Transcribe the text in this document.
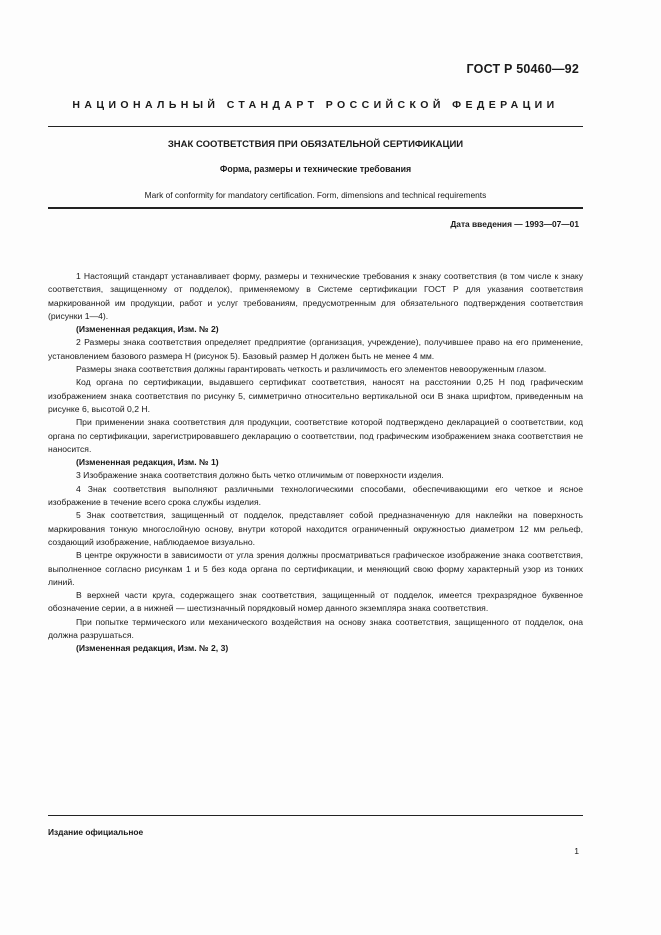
ГОСТ Р 50460—92
НАЦИОНАЛЬНЫЙ СТАНДАРТ РОССИЙСКОЙ ФЕДЕРАЦИИ
ЗНАК СООТВЕТСТВИЯ ПРИ ОБЯЗАТЕЛЬНОЙ СЕРТИФИКАЦИИ
Форма, размеры и технические требования
Mark of conformity for mandatory certification. Form, dimensions and technical requirements
Дата введения — 1993—07—01

1 Настоящий стандарт устанавливает форму, размеры и технические требования к знаку соответствия (в том числе к знаку соответствия, защищенному от подделок), применяемому в Системе сертификации ГОСТ Р для указания соответствия маркированной им продукции, работ и услуг требованиям, предусмотренным для обязательного подтверждения соответствия (рисунки 1—4).

(Измененная редакция, Изм. № 2)

2 Размеры знака соответствия определяет предприятие (организация, учреждение), получившее право на его применение, установлением базового размера Н (рисунок 5). Базовый размер Н должен быть не менее 4 мм.

Размеры знака соответствия должны гарантировать четкость и различимость его элементов невооруженным глазом.

Код органа по сертификации, выдавшего сертификат соответствия, наносят на расстоянии 0,25 Н под графическим изображением знака соответствия по рисунку 5, симметрично относительно вертикальной оси В знака шрифтом, приведенным на рисунке 6, высотой 0,2 Н.

При применении знака соответствия для продукции, соответствие которой подтверждено декларацией о соответствии, код органа по сертификации, зарегистрировавшего декларацию о соответствии, под графическим изображением знака соответствия не наносится.

(Измененная редакция, Изм. № 1)

3 Изображение знака соответствия должно быть четко отличимым от поверхности изделия.

4 Знак соответствия выполняют различными технологическими способами, обеспечивающими его четкое и ясное изображение в течение всего срока службы изделия.

5 Знак соответствия, защищенный от подделок, представляет собой предназначенную для наклейки на поверхность маркирования тонкую многослойную основу, внутри которой находится ограниченный окружностью диаметром 12 мм рельеф, создающий изображение, наблюдаемое визуально.

В центре окружности в зависимости от угла зрения должны просматриваться графическое изображение знака соответствия, выполненное согласно рисункам 1 и 5 без кода органа по сертификации, и меняющий свою форму характерный узор из тонких линий.

В верхней части круга, содержащего знак соответствия, защищенный от подделок, имеется трехразрядное буквенное обозначение серии, а в нижней — шестизначный порядковый номер данного экземпляра знака соответствия.

При попытке термического или механического воздействия на основу знака соответствия, защищенного от подделок, она должна разрушаться.

(Измененная редакция, Изм. № 2, 3)

Издание официальное
1
